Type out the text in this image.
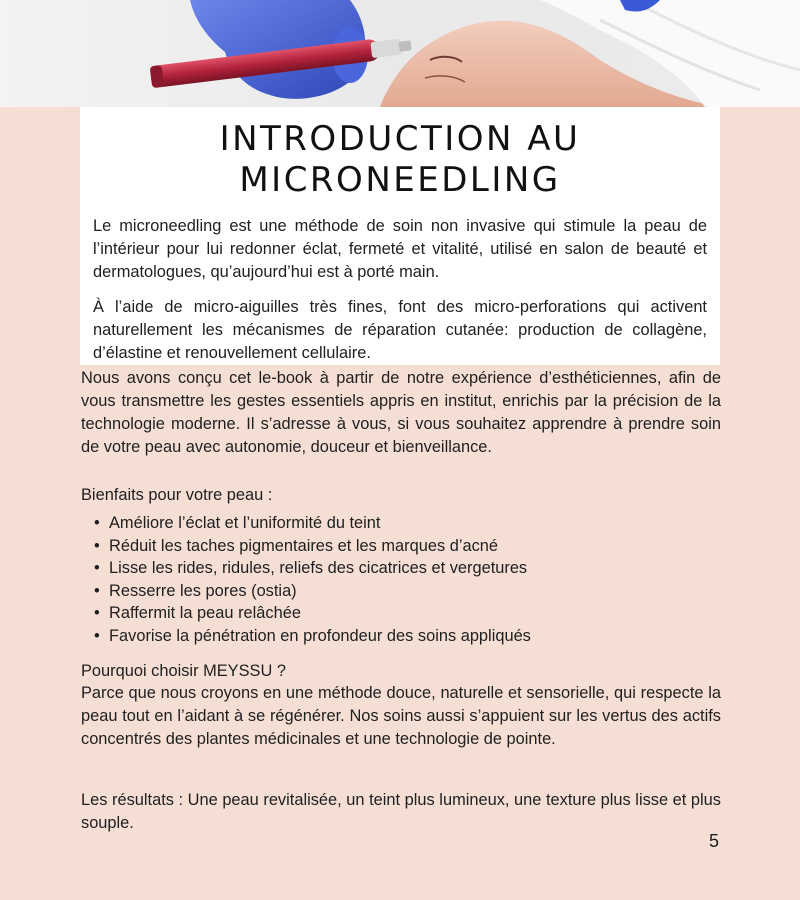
INTRODUCTION AU
MICRONEEDLING

Le microneedling est une méthode de soin non invasive qui stimule la peau de l’intérieur pour lui redonner éclat, fermeté et vitalité, utilisé en salon de beauté et dermatologues, qu’aujourd’hui est à porté main.

À l’aide de micro-aiguilles très fines, font des micro-perforations qui activent naturellement les mécanismes de réparation cutanée: production de collagène, d’élastine et renouvellement cellulaire.

Nous avons conçu cet le-book à partir de notre expérience d’esthéticiennes, afin de vous transmettre les gestes essentiels appris en institut, enrichis par la précision de la technologie moderne. Il s’adresse à vous, si vous souhaitez apprendre à prendre soin de votre peau avec autonomie, douceur et bienveillance.

Bienfaits pour votre peau :

• Améliore l’éclat et l’uniformité du teint
• Réduit les taches pigmentaires et les marques d’acné
• Lisse les rides, ridules, reliefs des cicatrices et vergetures
• Resserre les pores (ostia)
• Raffermit la peau relâchée
• Favorise la pénétration en profondeur des soins appliqués

Pourquoi choisir MEYSSU ?

Parce que nous croyons en une méthode douce, naturelle et sensorielle, qui respecte la peau tout en l’aidant à se régénérer. Nos soins aussi s’appuient sur les vertus des actifs concentrés des plantes médicinales et une technologie de pointe.

Les résultats : Une peau revitalisée, un teint plus lumineux, une texture plus lisse et plus souple.

5
